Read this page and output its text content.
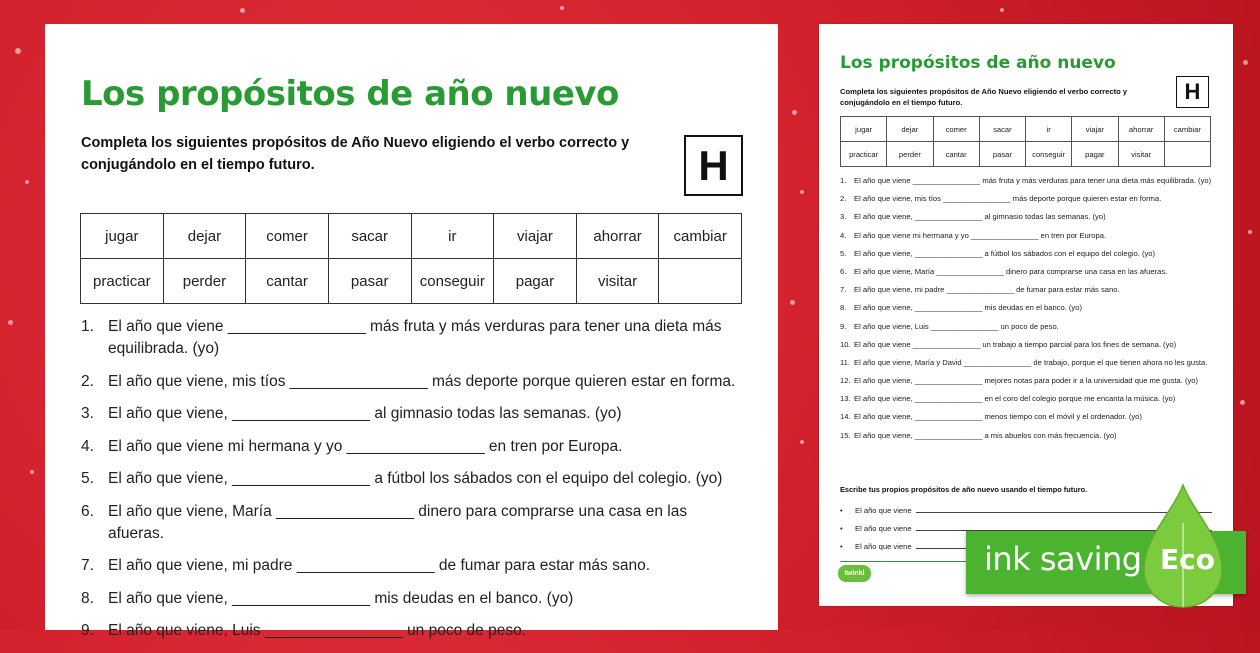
Los propósitos de año nuevo

Completa los siguientes propósitos de Año Nuevo eligiendo el verbo correcto y conjugándolo en el tiempo futuro.	H
jugar	dejar	comer	sacar	ir	viajar	ahorrar	cambiar
practicar	perder	cantar	pasar	conseguir	pagar	visitar	
1. El año que viene ________________ más fruta y más verduras para tener una dieta más equilibrada. (yo)
2. El año que viene, mis tíos ________________ más deporte porque quieren estar en forma.
3. El año que viene, ________________ al gimnasio todas las semanas. (yo)
4. El año que viene mi hermana y yo ________________ en tren por Europa.
5. El año que viene, ________________ a fútbol los sábados con el equipo del colegio. (yo)
6. El año que viene, María ________________ dinero para comprarse una casa en las afueras.
7. El año que viene, mi padre ________________ de fumar para estar más sano.
8. El año que viene, ________________ mis deudas en el banco. (yo)
9. El año que viene, Luis ________________ un poco de peso.
Los propósitos de año nuevo

Completa los siguientes propósitos de Año Nuevo eligiendo el verbo correcto y conjugándolo en el tiempo futuro.	H
jugar	dejar	comer	sacar	ir	viajar	ahorrar	cambiar
practicar	perder	cantar	pasar	conseguir	pagar	visitar	
1.	El año que viene ________________ más fruta y más verduras para tener una dieta más equilibrada. (yo)
2.	El año que viene, mis tíos ________________ más deporte porque quieren estar en forma.
3.	El año que viene, ________________ al gimnasio todas las semanas. (yo)
4.	El año que viene mi hermana y yo ________________ en tren por Europa.
5.	El año que viene, ________________ a fútbol los sábados con el equipo del colegio. (yo)
6.	El año que viene, María ________________ dinero para comprarse una casa en las afueras.
7.	El año que viene, mi padre ________________ de fumar para estar más sano.
8.	El año que viene, ________________ mis deudas en el banco. (yo)
9.	El año que viene, Luis ________________ un poco de peso.
10. El año que viene ________________ un trabajo a tiempo parcial para los fines de semana. (yo)
11. El año que viene, María y David ________________ de trabajo, porque el que tienen ahora no les gusta.
12. El año que viene, ________________ mejores notas para poder ir a la universidad que me gusta. (yo)
13. El año que viene, ________________ en el coro del colegio porque me encanta la música. (yo)
14. El año que viene, ________________ menos tiempo con el móvil y el ordenador. (yo)
15. El año que viene, ________________ a mis abuelos con más frecuencia. (yo)

Escribe tus propios propósitos de año nuevo usando el tiempo futuro.

•	El año que viene
•	El año que viene
•	El año que viene
twinkl	ink saving Eco
